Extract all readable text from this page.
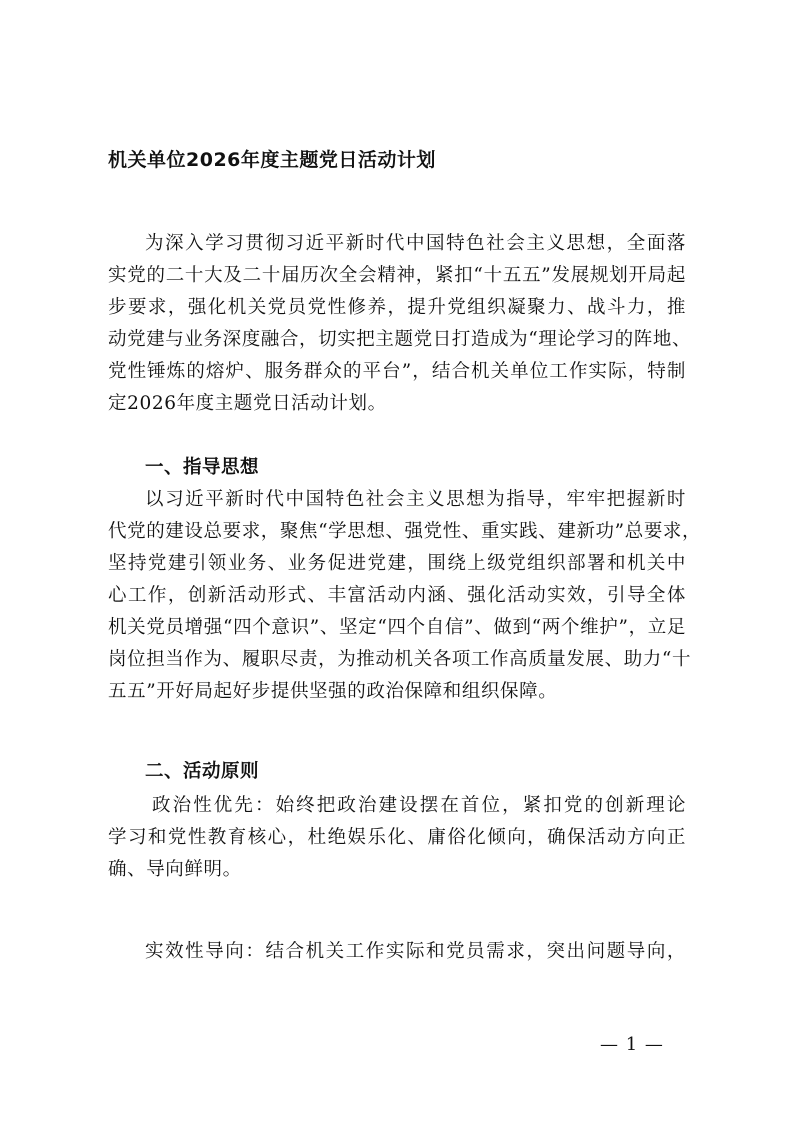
机关单位2026年度主题党日活动计划
为深入学习贯彻习近平新时代中国特色社会主义思想，全面落
实党的二十大及二十届历次全会精神，紧扣“十五五”发展规划开局起
步要求，强化机关党员党性修养，提升党组织凝聚力、战斗力，推
动党建与业务深度融合，切实把主题党日打造成为“理论学习的阵地、
党性锤炼的熔炉、服务群众的平台”，结合机关单位工作实际，特制
定2026年度主题党日活动计划。
一、指导思想
以习近平新时代中国特色社会主义思想为指导，牢牢把握新时
代党的建设总要求，聚焦“学思想、强党性、重实践、建新功”总要求，
坚持党建引领业务、业务促进党建，围绕上级党组织部署和机关中
心工作，创新活动形式、丰富活动内涵、强化活动实效，引导全体
机关党员增强“四个意识”、坚定“四个自信”、做到“两个维护”，立足
岗位担当作为、履职尽责，为推动机关各项工作高质量发展、助力“十
五五”开好局起好步提供坚强的政治保障和组织保障。
二、活动原则
政治性优先：始终把政治建设摆在首位，紧扣党的创新理论
学习和党性教育核心，杜绝娱乐化、庸俗化倾向，确保活动方向正
确、导向鲜明。
实效性导向：结合机关工作实际和党员需求，突出问题导向，
— 1 —
